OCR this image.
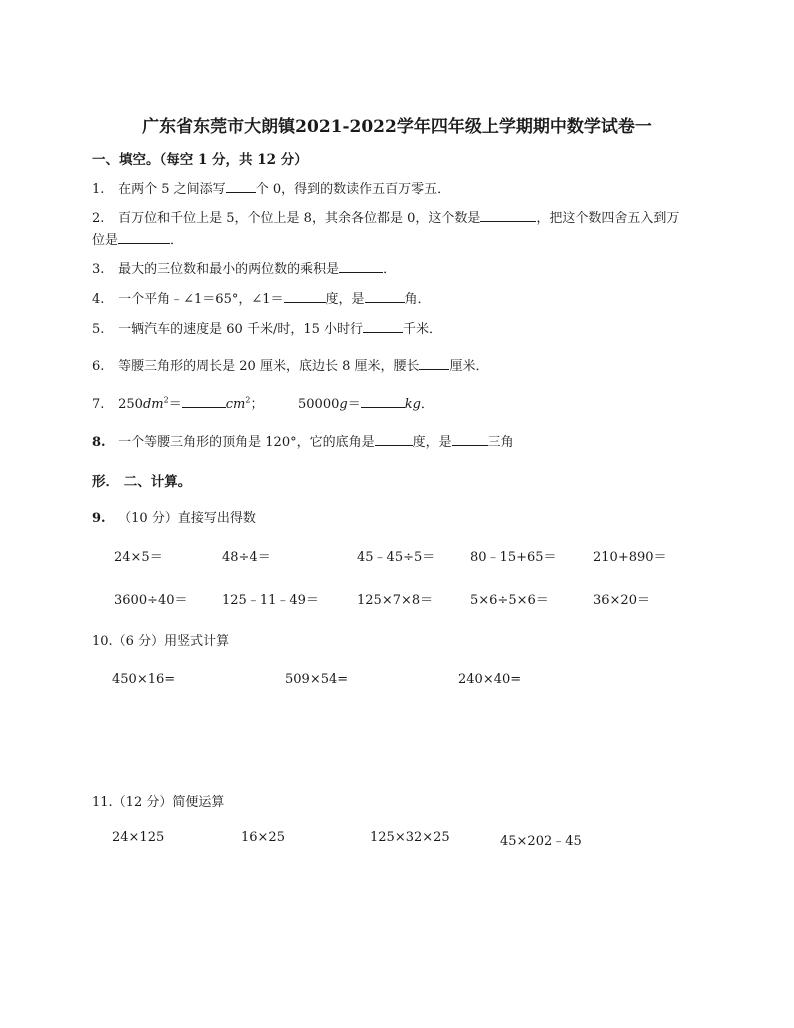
广东省东莞市大朗镇2021-2022学年四年级上学期期中数学试卷一
一、填空。（每空 1 分，共 12 分）
1. 在两个 5 之间添写 个 0，得到的数读作五百万零五．
2. 百万位和千位上是 5，个位上是 8，其余各位都是 0，这个数是	，把这个数四舍五入到万
位是	．
3. 最大的三位数和最小的两位数的乘积是	．
4. 一个平角﹣∠1＝65°，∠1＝	度，是	角．
5. 一辆汽车的速度是 60 千米/时，15 小时行	千米．
6. 等腰三角形的周长是 20 厘米，底边长 8 厘米，腰长 厘米．
7. $250dm^2=$	$cm^2$；	50000g＝	kg．
8. 一个等腰三角形的顶角是 120°，它的底角是	度，是	三角
形． 二、计算。
9. （10 分）直接写出得数
24×5＝	48÷4＝	45﹣45÷5＝	80﹣15+65＝	210+890＝
3600÷40＝	125﹣11﹣49＝	125×7×8＝	5×6÷5×6＝	36×20＝
10.（6 分）用竖式计算
450×16=	509×54=	240×40=
11.（12 分）简便运算
24×125	16×25	125×32×25	45×202﹣45
